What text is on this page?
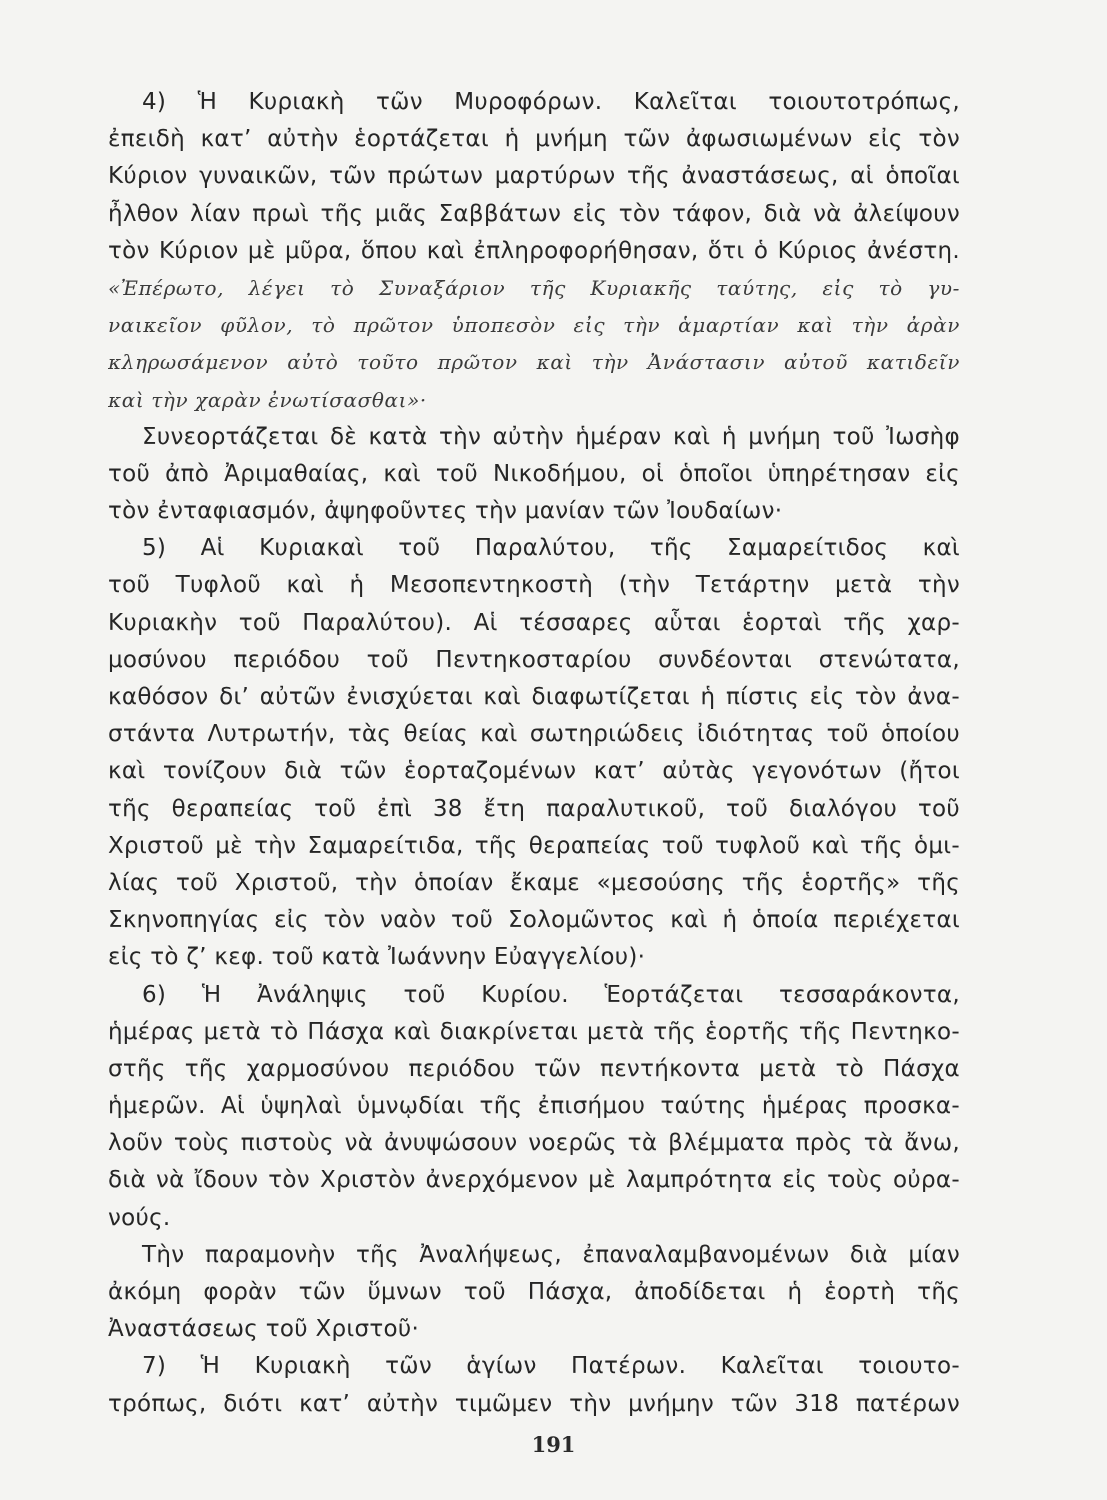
4) Ἡ Κυριακὴ τῶν Μυροφόρων. Καλεῖται τοιουτοτρόπως,
ἐπειδὴ κατ’ αὐτὴν ἑορτάζεται ἡ μνήμη τῶν ἀφωσιωμένων εἰς τὸν
Κύριον γυναικῶν, τῶν πρώτων μαρτύρων τῆς ἀναστάσεως, αἱ ὁποῖαι
ἦλθον λίαν πρωὶ τῆς μιᾶς Σαββάτων εἰς τὸν τάφον, διὰ νὰ ἀλείψουν
τὸν Κύριον μὲ μῦρα, ὅπου καὶ ἐπληροφορήθησαν, ὅτι ὁ Κύριος ἀνέστη.
«Ἐπέρωτο, λέγει τὸ Συναξάριον τῆς Κυριακῆς ταύτης, εἰς τὸ γυ-
ναικεῖον φῦλον, τὸ πρῶτον ὑποπεσὸν εἰς τὴν ἁμαρτίαν καὶ τὴν ἀρὰν
κληρωσάμενον αὐτὸ τοῦτο πρῶτον καὶ τὴν Ἀνάστασιν αὐτοῦ κατιδεῖν
καὶ τὴν χαρὰν ἐνωτίσασθαι»·
Συνεορτάζεται δὲ κατὰ τὴν αὐτὴν ἡμέραν καὶ ἡ μνήμη τοῦ Ἰωσὴφ
τοῦ ἀπὸ Ἀριμαθαίας, καὶ τοῦ Νικοδήμου, οἱ ὁποῖοι ὑπηρέτησαν εἰς
τὸν ἐνταφιασμόν, ἀψηφοῦντες τὴν μανίαν τῶν Ἰουδαίων·
5) Αἱ Κυριακαὶ τοῦ Παραλύτου, τῆς Σαμαρείτιδος καὶ
τοῦ Τυφλοῦ καὶ ἡ Μεσοπεντηκοστὴ (τὴν Τετάρτην μετὰ τὴν
Κυριακὴν τοῦ Παραλύτου). Αἱ τέσσαρες αὗται ἑορταὶ τῆς χαρ-
μοσύνου περιόδου τοῦ Πεντηκοσταρίου συνδέονται στενώτατα,
καθόσον δι’ αὐτῶν ἐνισχύεται καὶ διαφωτίζεται ἡ πίστις εἰς τὸν ἀνα-
στάντα Λυτρωτήν, τὰς θείας καὶ σωτηριώδεις ἰδιότητας τοῦ ὁποίου
καὶ τονίζουν διὰ τῶν ἑορταζομένων κατ’ αὐτὰς γεγονότων (ἤτοι
τῆς θεραπείας τοῦ ἐπὶ 38 ἔτη παραλυτικοῦ, τοῦ διαλόγου τοῦ
Χριστοῦ μὲ τὴν Σαμαρείτιδα, τῆς θεραπείας τοῦ τυφλοῦ καὶ τῆς ὁμι-
λίας τοῦ Χριστοῦ, τὴν ὁποίαν ἔκαμε «μεσούσης τῆς ἑορτῆς» τῆς
Σκηνοπηγίας εἰς τὸν ναὸν τοῦ Σολομῶντος καὶ ἡ ὁποία περιέχεται
εἰς τὸ ζ’ κεφ. τοῦ κατὰ Ἰωάννην Εὐαγγελίου)·
6) Ἡ Ἀνάληψις τοῦ Κυρίου. Ἑορτάζεται τεσσαράκοντα,
ἡμέρας μετὰ τὸ Πάσχα καὶ διακρίνεται μετὰ τῆς ἑορτῆς τῆς Πεντηκο-
στῆς τῆς χαρμοσύνου περιόδου τῶν πεντήκοντα μετὰ τὸ Πάσχα
ἡμερῶν. Αἱ ὑψηλαὶ ὑμνῳδίαι τῆς ἐπισήμου ταύτης ἡμέρας προσκα-
λοῦν τοὺς πιστοὺς νὰ ἀνυψώσουν νοερῶς τὰ βλέμματα πρὸς τὰ ἄνω,
διὰ νὰ ἴδουν τὸν Χριστὸν ἀνερχόμενον μὲ λαμπρότητα εἰς τοὺς οὐρα-
νούς.
Τὴν παραμονὴν τῆς Ἀναλήψεως, ἐπαναλαμβανομένων διὰ μίαν
ἀκόμη φορὰν τῶν ὕμνων τοῦ Πάσχα, ἀποδίδεται ἡ ἑορτὴ τῆς
Ἀναστάσεως τοῦ Χριστοῦ·
7) Ἡ Κυριακὴ τῶν ἁγίων Πατέρων. Καλεῖται τοιουτο-
τρόπως, διότι κατ’ αὐτὴν τιμῶμεν τὴν μνήμην τῶν 318 πατέρων
191
